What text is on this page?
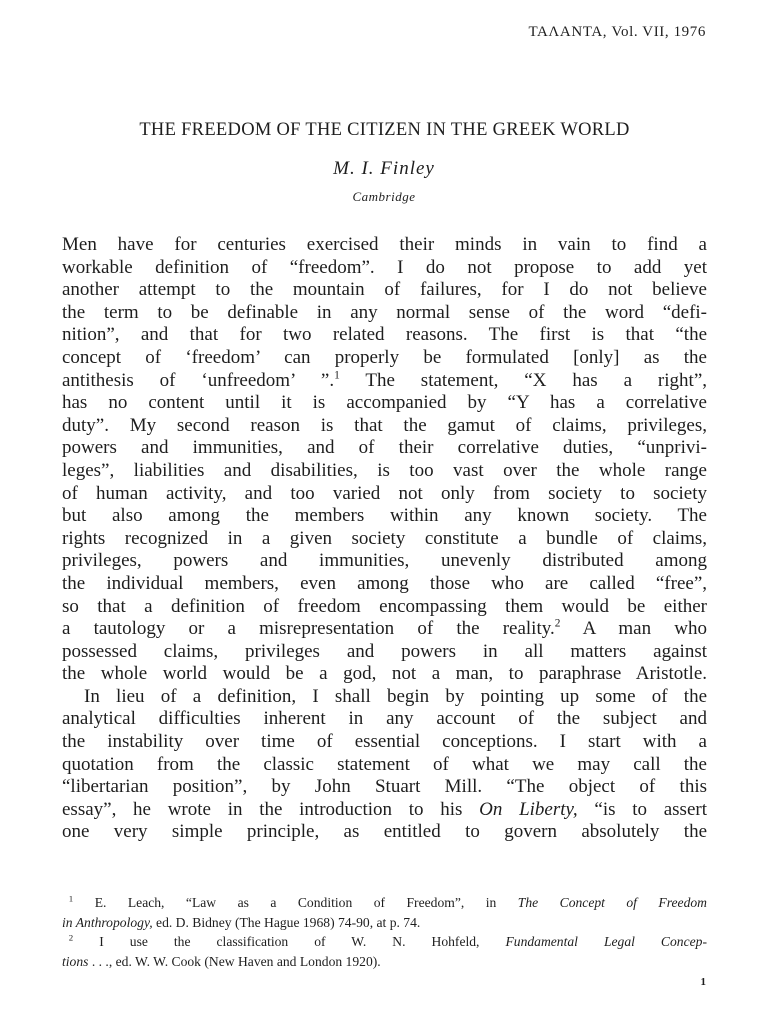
ΤΑΛΑΝΤΑ, Vol. VII, 1976
THE FREEDOM OF THE CITIZEN IN THE GREEK WORLD
M. I. Finley
Cambridge
Men have for centuries exercised their minds in vain to find a
workable definition of “freedom”. I do not propose to add yet
another attempt to the mountain of failures, for I do not believe
the term to be definable in any normal sense of the word “defi-
nition”, and that for two related reasons. The first is that “the
concept of ‘freedom’ can properly be formulated [only] as the
antithesis of ‘unfreedom’ ”.$^1$ The statement, “X has a right”,
has no content until it is accompanied by “Y has a correlative
duty”. My second reason is that the gamut of claims, privileges,
powers and immunities, and of their correlative duties, “unprivi-
leges”, liabilities and disabilities, is too vast over the whole range
of human activity, and too varied not only from society to society
but also among the members within any known society. The
rights recognized in a given society constitute a bundle of claims,
privileges, powers and immunities, unevenly distributed among
the individual members, even among those who are called “free”,
so that a definition of freedom encompassing them would be either
a tautology or a misrepresentation of the reality.$^2$ A man who
possessed claims, privileges and powers in all matters against
the whole world would be a god, not a man, to paraphrase Aristotle.
In lieu of a definition, I shall begin by pointing up some of the
analytical difficulties inherent in any account of the subject and
the instability over time of essential conceptions. I start with a
quotation from the classic statement of what we may call the
“libertarian position”, by John Stuart Mill. “The object of this
essay”, he wrote in the introduction to his On Liberty, “is to assert
one very simple principle, as entitled to govern absolutely the
 $^1$ E. Leach, “Law as a Condition of Freedom”, in The Concept of Freedom
in Anthropology, ed. D. Bidney (The Hague 1968) 74-90, at p. 74.
 $^2$ I use the classification of W. N. Hohfeld, Fundamental Legal Concep-
tions . . ., ed. W. W. Cook (New Haven and London 1920).
1
